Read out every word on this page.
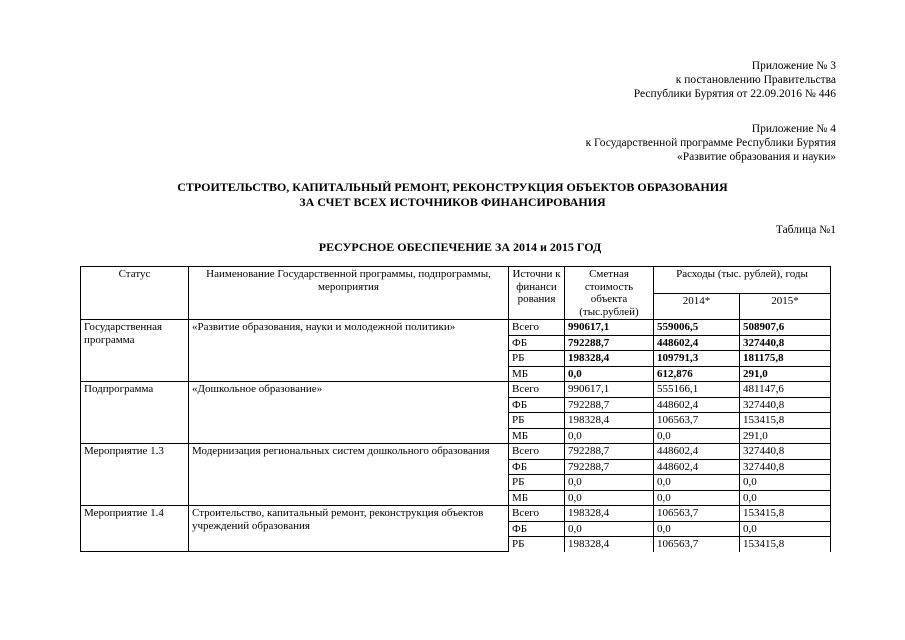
Приложение № 3
к постановлению Правительства
Республики Бурятия от 22.09.2016 № 446
Приложение № 4
к Государственной программе Республики Бурятия
«Развитие образования и науки»
СТРОИТЕЛЬСТВО, КАПИТАЛЬНЫЙ РЕМОНТ, РЕКОНСТРУКЦИЯ ОБЪЕКТОВ ОБРАЗОВАНИЯ
ЗА СЧЕТ ВСЕХ ИСТОЧНИКОВ ФИНАНСИРОВАНИЯ
Таблица №1
РЕСУРСНОЕ ОБЕСПЕЧЕНИЕ ЗА 2014 и 2015 ГОД
Статус	Наименование Государственной программы, подпрограммы, мероприятия	Источни к финанси рования	Сметная стоимость объекта (тыс.рублей)	Расходы (тыс. рублей), годы	
				2014*	2015*
Государственная программа	«Развитие образования, науки и молодежной политики»	Всего	990617,1	559006,5	508907,6
		ФБ	792288,7	448602,4	327440,8
		РБ	198328,4	109791,3	181175,8
		МБ	0,0	612,876	291,0
Подпрограмма	«Дошкольное образование»	Всего	990617,1	555166,1	481147,6
		ФБ	792288,7	448602,4	327440,8
		РБ	198328,4	106563,7	153415,8
		МБ	0,0	0,0	291,0
Мероприятие 1.3	Модернизация региональных систем дошкольного образования	Всего	792288,7	448602,4	327440,8
		ФБ	792288,7	448602,4	327440,8
		РБ	0,0	0,0	0,0
		МБ	0,0	0,0	0,0
Мероприятие 1.4	Строительство, капитальный ремонт, реконструкция объектов учреждений образования	Всего	198328,4	106563,7	153415,8
		ФБ	0,0	0,0	0,0
		РБ	198328,4	106563,7	153415,8
